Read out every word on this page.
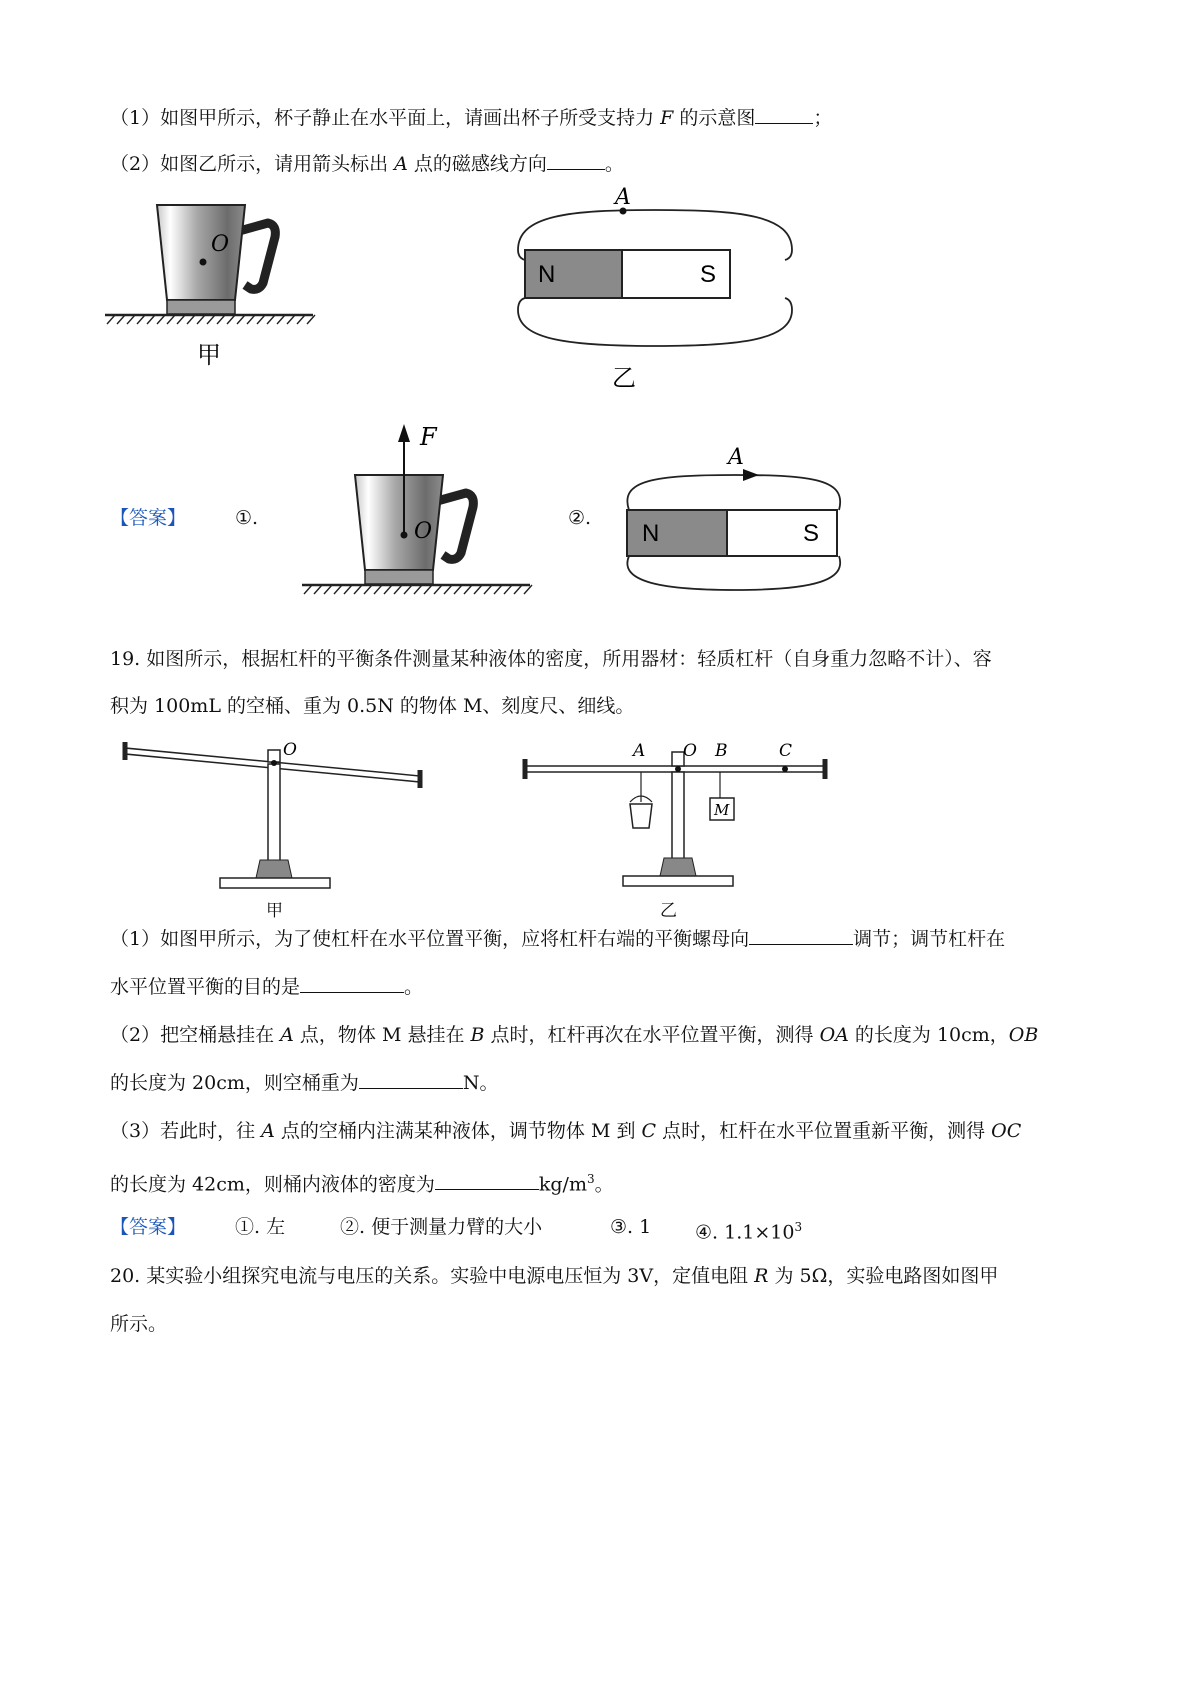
（1）如图甲所示，杯子静止在水平面上，请画出杯子所受支持力 F 的示意图	；
（2）如图乙所示，请用箭头标出 A 点的磁感线方向	。
O
甲
N	S
A
乙
【答案】	①.	②.
F
O	N	S
A
19. 如图所示，根据杠杆的平衡条件测量某种液体的密度，所用器材：轻质杠杆（自身重力忽略不计）、容
积为 100mL 的空桶、重为 0.5N 的物体 M、刻度尺、细线。
O
甲
M
A O B	C
乙
（1）如图甲所示，为了使杠杆在水平位置平衡，应将杠杆右端的平衡螺母向	调节；调节杠杆在
水平位置平衡的目的是	。
（2）把空桶悬挂在 A 点，物体 M 悬挂在 B 点时，杠杆再次在水平位置平衡，测得 OA 的长度为 10cm，OB
的长度为 20cm，则空桶重为	N。
（3）若此时，往 A 点的空桶内注满某种液体，调节物体 M 到 C 点时，杠杆在水平位置重新平衡，测得 OC
的长度为 42cm，则桶内液体的密度为	$kg/m^3$。
【答案】	①. 左	②. 便于测量力臂的大小	③. 1 ④. $1.1\times 10^3$
20. 某实验小组探究电流与电压的关系。实验中电源电压恒为 3V，定值电阻 R 为 5Ω，实验电路图如图甲
所示。
